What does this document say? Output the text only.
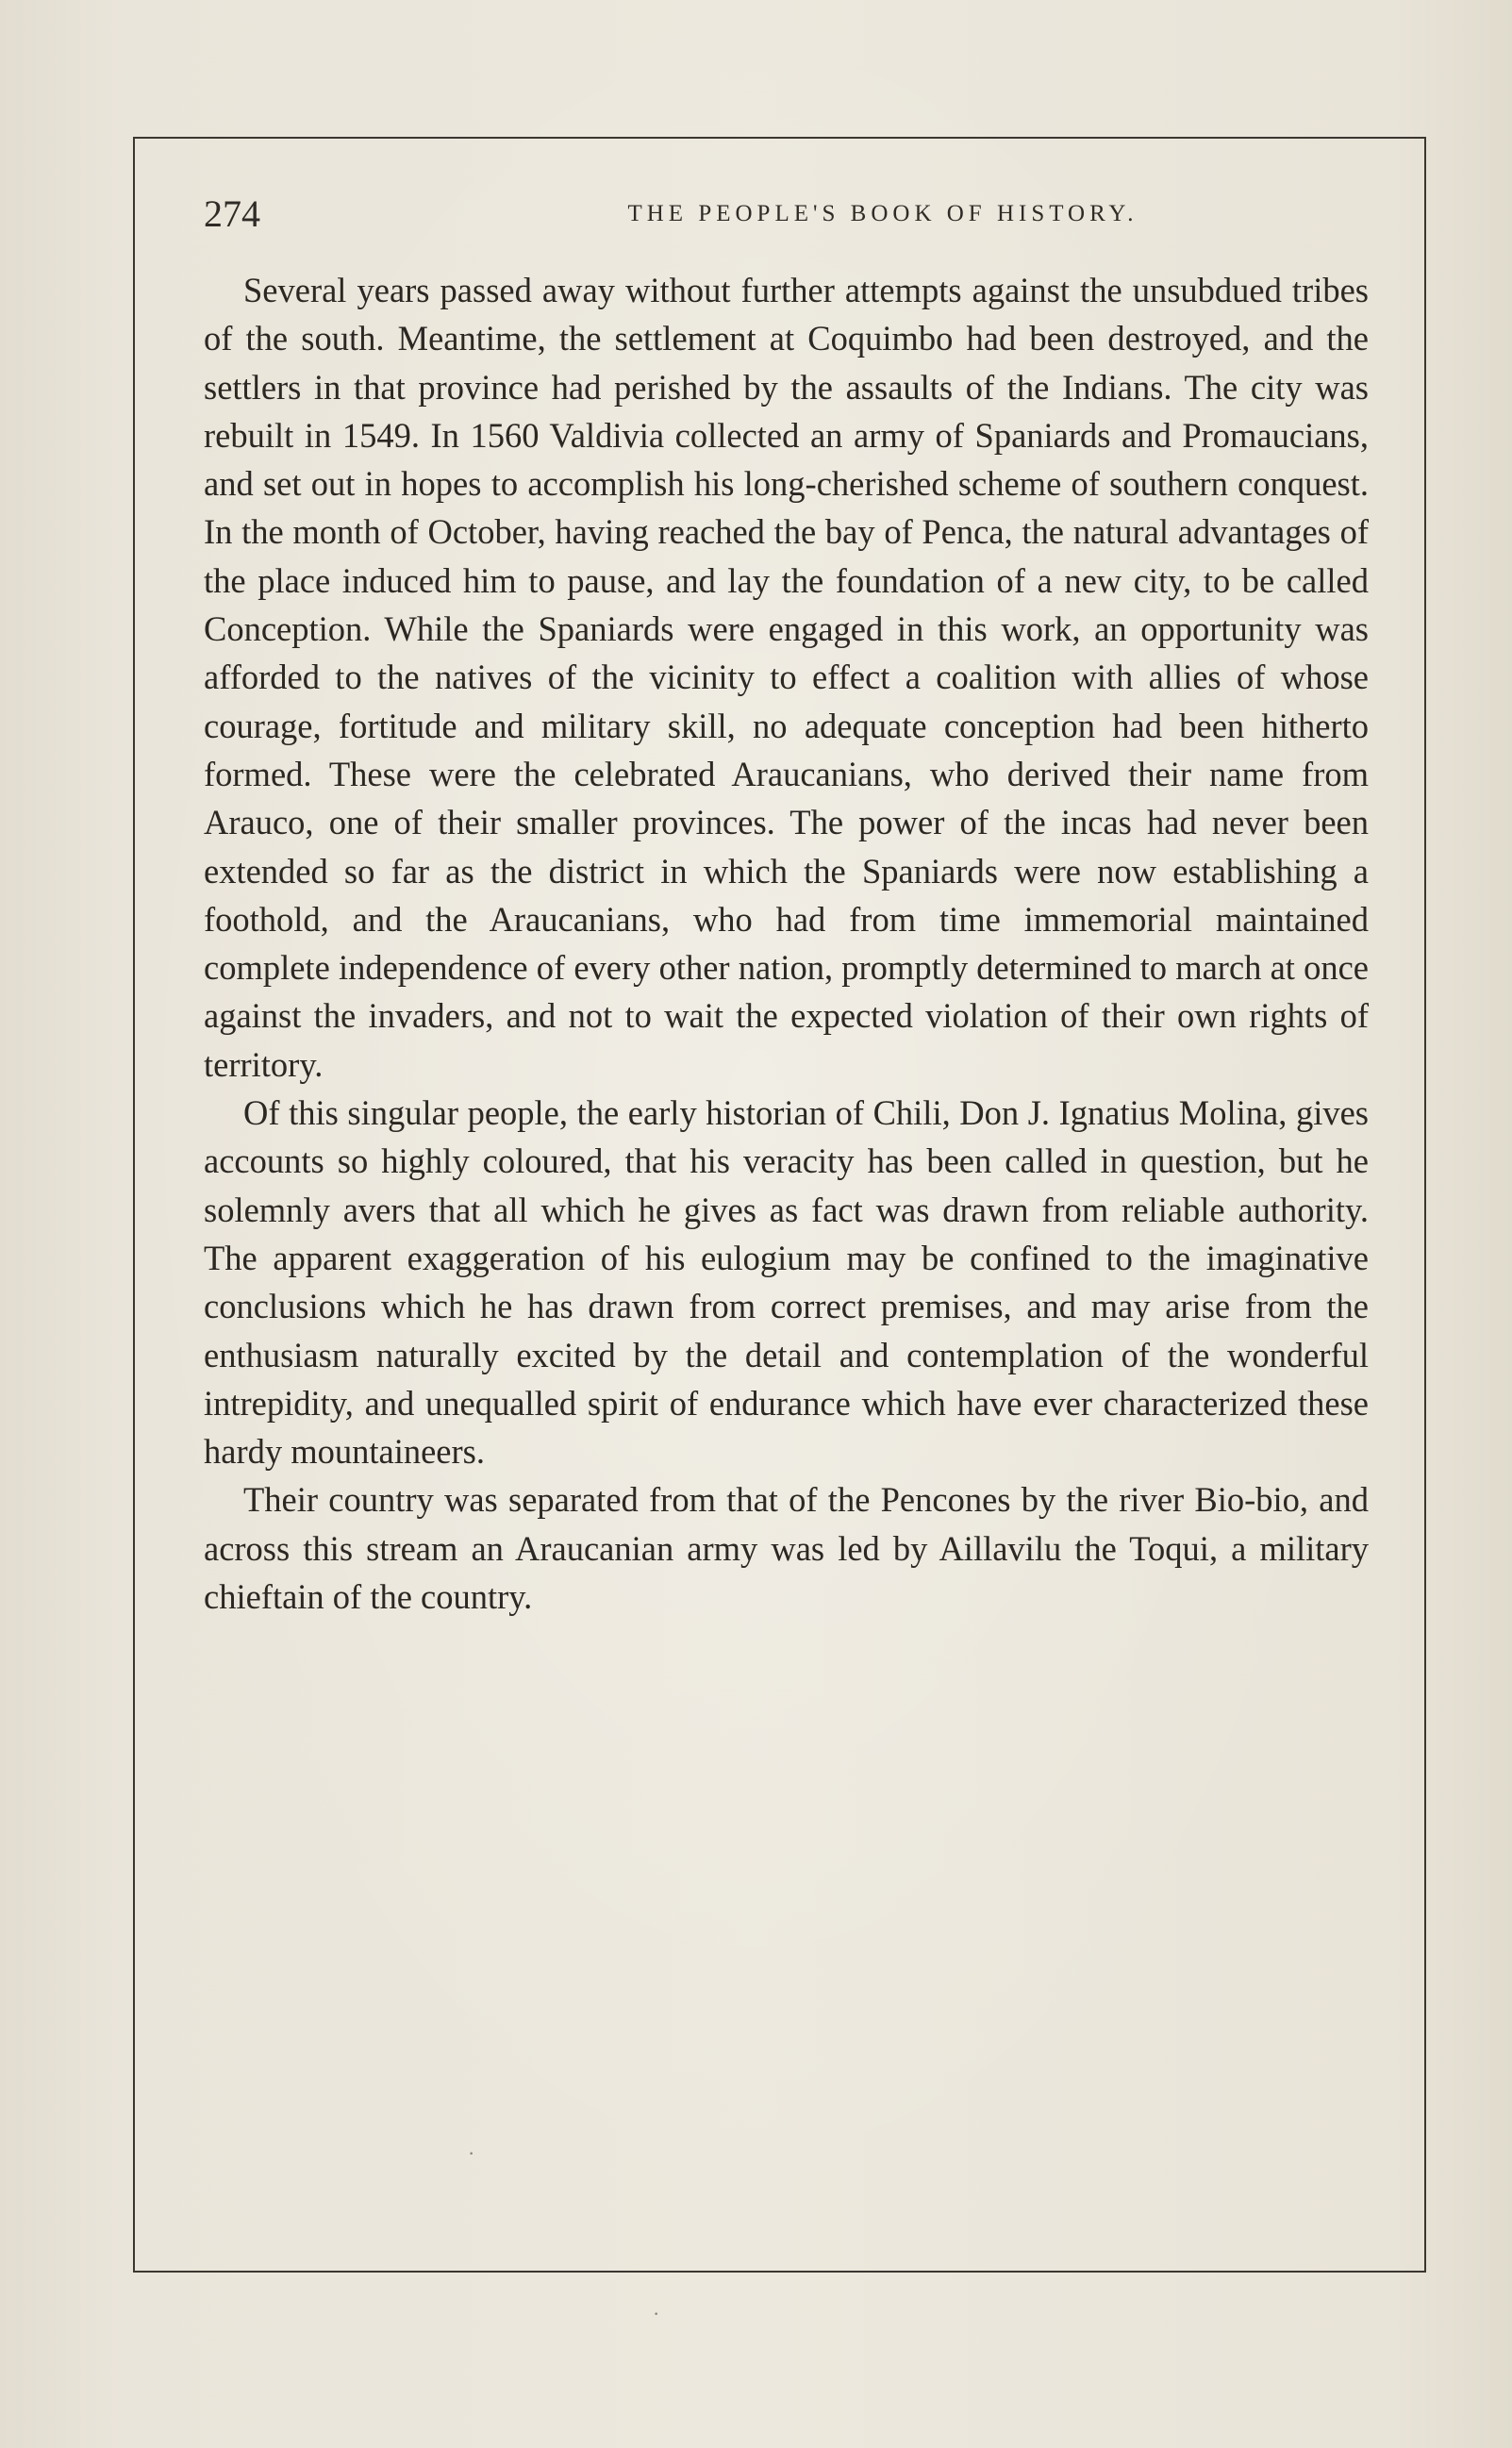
274	THE PEOPLE'S BOOK OF HISTORY.

Several years passed away without further attempts against the unsubdued tribes of the south. Meantime, the settlement at Coquimbo had been destroyed, and the settlers in that province had perished by the assaults of the Indians. The city was rebuilt in 1549. In 1560 Valdivia collected an army of Spaniards and Promaucians, and set out in hopes to accomplish his long-cherished scheme of southern conquest. In the month of October, having reached the bay of Penca, the natural advantages of the place induced him to pause, and lay the foundation of a new city, to be called Conception. While the Spaniards were engaged in this work, an opportunity was afforded to the natives of the vicinity to effect a coalition with allies of whose courage, fortitude and military skill, no adequate conception had been hitherto formed. These were the celebrated Araucanians, who derived their name from Arauco, one of their smaller provinces. The power of the incas had never been extended so far as the district in which the Spaniards were now establishing a foothold, and the Araucanians, who had from time immemorial maintained complete independence of every other nation, promptly determined to march at once against the invaders, and not to wait the expected violation of their own rights of territory.

Of this singular people, the early historian of Chili, Don J. Ignatius Molina, gives accounts so highly coloured, that his veracity has been called in question, but he solemnly avers that all which he gives as fact was drawn from reliable authority. The apparent exaggeration of his eulogium may be confined to the imaginative conclusions which he has drawn from correct premises, and may arise from the enthusiasm naturally excited by the detail and contemplation of the wonderful intrepidity, and unequalled spirit of endurance which have ever characterized these hardy mountaineers.

Their country was separated from that of the Pencones by the river Bio-bio, and across this stream an Araucanian army was led by Aillavilu the Toqui, a military chieftain of the country.

·
·
